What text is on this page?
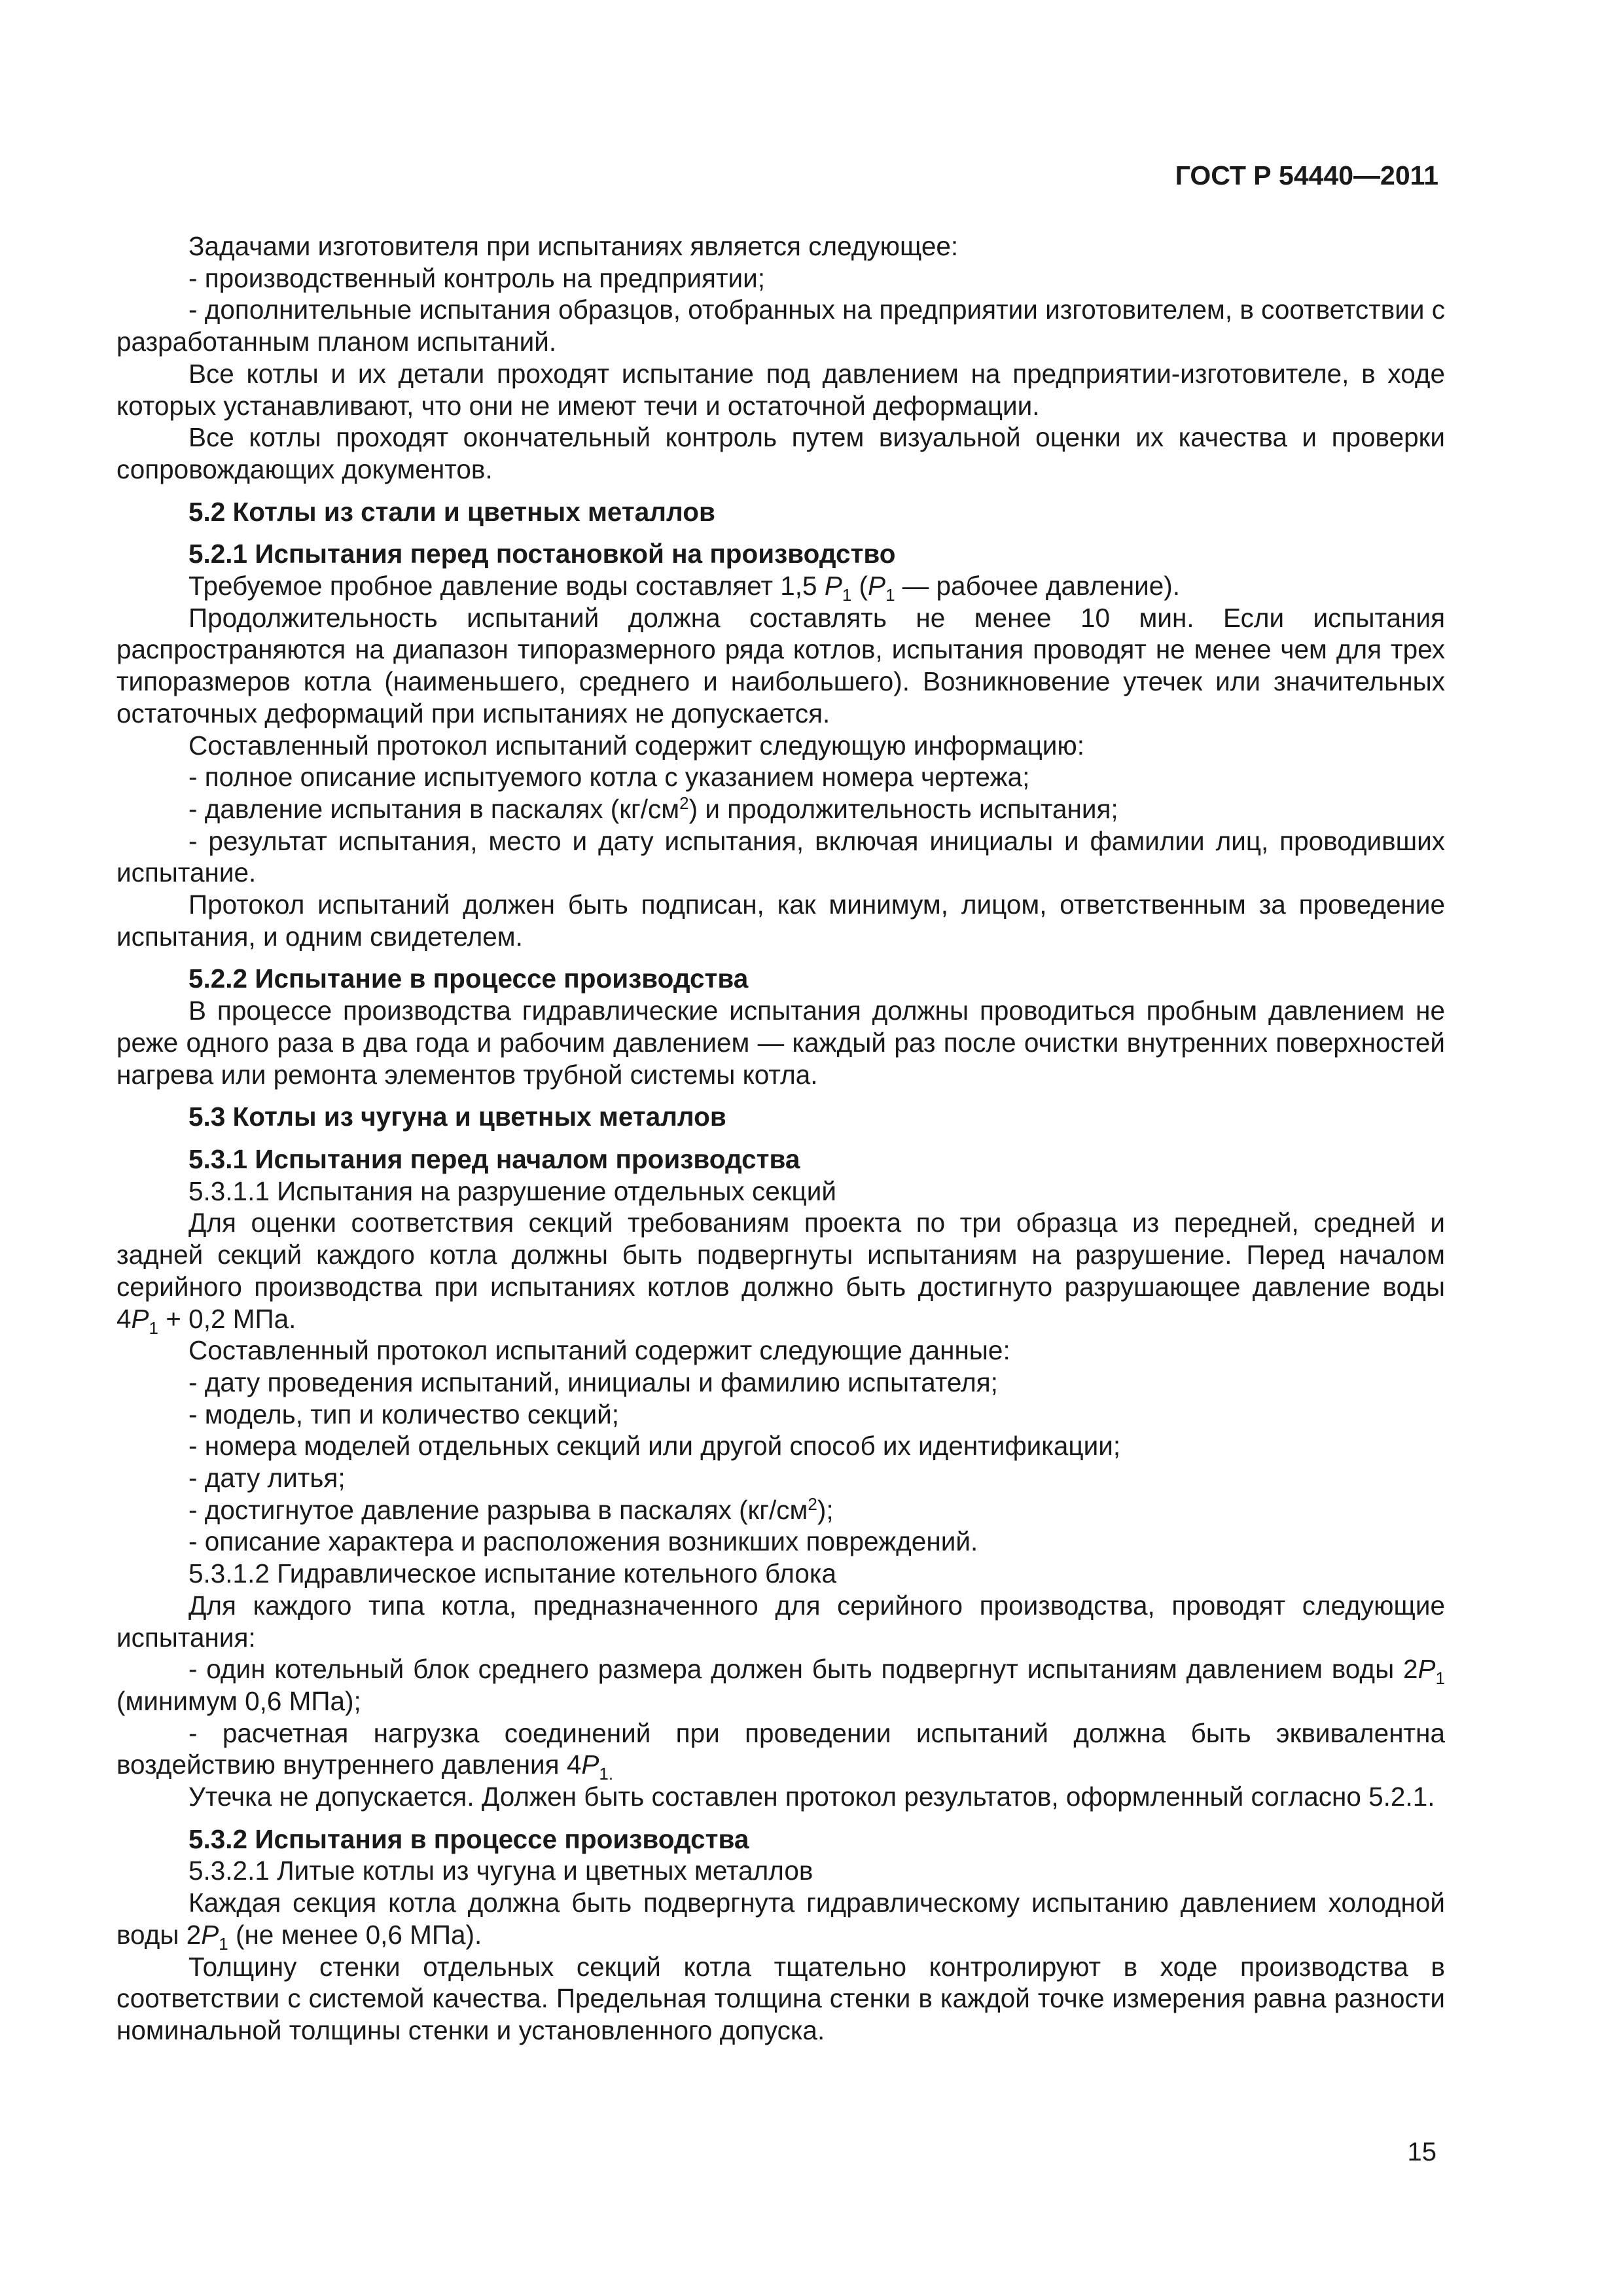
ГОСТ Р 54440—2011

Задачами изготовителя при испытаниях является следующее:

- производственный контроль на предприятии;

- дополнительные испытания образцов, отобранных на предприятии изготовителем, в соответствии с разработанным планом испытаний.

Все котлы и их детали проходят испытание под давлением на предприятии-изготовителе, в ходе которых устанавливают, что они не имеют течи и остаточной деформации.

Все котлы проходят окончательный контроль путем визуальной оценки их качества и проверки сопровождающих документов.

5.2 Котлы из стали и цветных металлов

5.2.1 Испытания перед постановкой на производство

Требуемое пробное давление воды составляет 1,5 $P_1$ ($P_1$ — рабочее давление).

Продолжительность испытаний должна составлять не менее 10 мин. Если испытания распространяются на диапазон типоразмерного ряда котлов, испытания проводят не менее чем для трех типоразмеров котла (наименьшего, среднего и наибольшего). Возникновение утечек или значительных остаточных деформаций при испытаниях не допускается.

Составленный протокол испытаний содержит следующую информацию:

- полное описание испытуемого котла с указанием номера чертежа;

- давление испытания в паскалях $(кг/см^2)$ и продолжительность испытания;

- результат испытания, место и дату испытания, включая инициалы и фамилии лиц, проводивших испытание.

Протокол испытаний должен быть подписан, как минимум, лицом, ответственным за проведение испытания, и одним свидетелем.

5.2.2 Испытание в процессе производства

В процессе производства гидравлические испытания должны проводиться пробным давлением не реже одного раза в два года и рабочим давлением — каждый раз после очистки внутренних поверхностей нагрева или ремонта элементов трубной системы котла.

5.3 Котлы из чугуна и цветных металлов

5.3.1 Испытания перед началом производства

5.3.1.1 Испытания на разрушение отдельных секций

Для оценки соответствия секций требованиям проекта по три образца из передней, средней и задней секций каждого котла должны быть подвергнуты испытаниям на разрушение. Перед началом серийного производства при испытаниях котлов должно быть достигнуто разрушающее давление воды $4P_1 + 0,2$ МПа.

Составленный протокол испытаний содержит следующие данные:

- дату проведения испытаний, инициалы и фамилию испытателя;

- модель, тип и количество секций;

- номера моделей отдельных секций или другой способ их идентификации;

- дату литья;

- достигнутое давление разрыва в паскалях $(кг/см^2)$;

- описание характера и расположения возникших повреждений.

5.3.1.2 Гидравлическое испытание котельного блока

Для каждого типа котла, предназначенного для серийного производства, проводят следующие испытания:

- один котельный блок среднего размера должен быть подвергнут испытаниям давлением воды $2P_1$ (минимум 0,6 МПа);

- расчетная нагрузка соединений при проведении испытаний должна быть эквивалентна воздействию внутреннего давления $4P_{1.}$

Утечка не допускается. Должен быть составлен протокол результатов, оформленный согласно 5.2.1.

5.3.2 Испытания в процессе производства

5.3.2.1 Литые котлы из чугуна и цветных металлов

Каждая секция котла должна быть подвергнута гидравлическому испытанию давлением холодной воды $2P_1$ (не менее 0,6 МПа).

Толщину стенки отдельных секций котла тщательно контролируют в ходе производства в соответствии с системой качества. Предельная толщина стенки в каждой точке измерения равна разности номинальной толщины стенки и установленного допуска.

15
